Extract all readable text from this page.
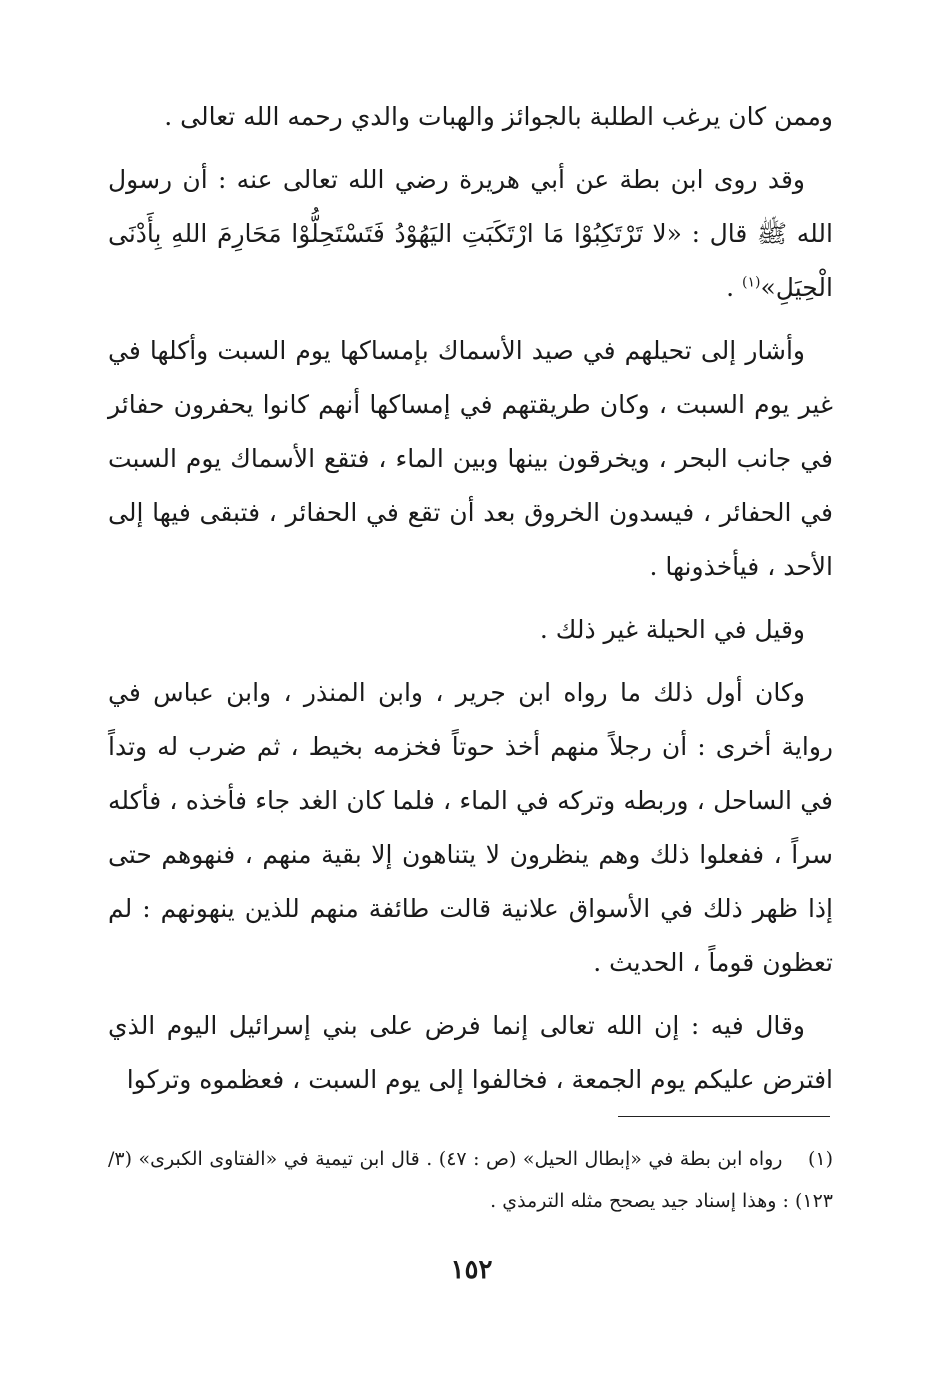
وممن كان يرغب الطلبة بالجوائز والهبات والدي رحمه الله تعالى .

وقد روى ابن بطة عن أبي هريرة رضي الله تعالى عنه : أن رسول الله ﷺ قال : «لا تَرْتَكِبُوْا مَا ارْتَكَبَتِ اليَهُوْدُ فَتَسْتَحِلُّوْا مَحَارِمَ اللهِ بِأَدْنَى الْحِيَلِ»$^{(١)}$ .

وأشار إلى تحيلهم في صيد الأسماك بإمساكها يوم السبت وأكلها في غير يوم السبت ، وكان طريقتهم في إمساكها أنهم كانوا يحفرون حفائر في جانب البحر ، ويخرقون بينها وبين الماء ، فتقع الأسماك يوم السبت في الحفائر ، فيسدون الخروق بعد أن تقع في الحفائر ، فتبقى فيها إلى الأحد ، فيأخذونها .

وقيل في الحيلة غير ذلك .

وكان أول ذلك ما رواه ابن جرير ، وابن المنذر ، وابن عباس في رواية أخرى : أن رجلاً منهم أخذ حوتاً فخزمه بخيط ، ثم ضرب له وتداً في الساحل ، وربطه وتركه في الماء ، فلما كان الغد جاء فأخذه ، فأكله سراً ، ففعلوا ذلك وهم ينظرون لا يتناهون إلا بقية منهم ، فنهوهم حتى إذا ظهر ذلك في الأسواق علانية قالت طائفة منهم للذين ينهونهم : لم تعظون قوماً ، الحديث .

وقال فيه : إن الله تعالى إنما فرض على بني إسرائيل اليوم الذي افترض عليكم يوم الجمعة ، فخالفوا إلى يوم السبت ، فعظموه وتركوا

(١) رواه ابن بطة في «إبطال الحيل» (ص : ٤٧) . قال ابن تيمية في «الفتاوى الكبرى» (٣/ ١٢٣) : وهذا إسناد جيد يصحح مثله الترمذي .
١٥٢
